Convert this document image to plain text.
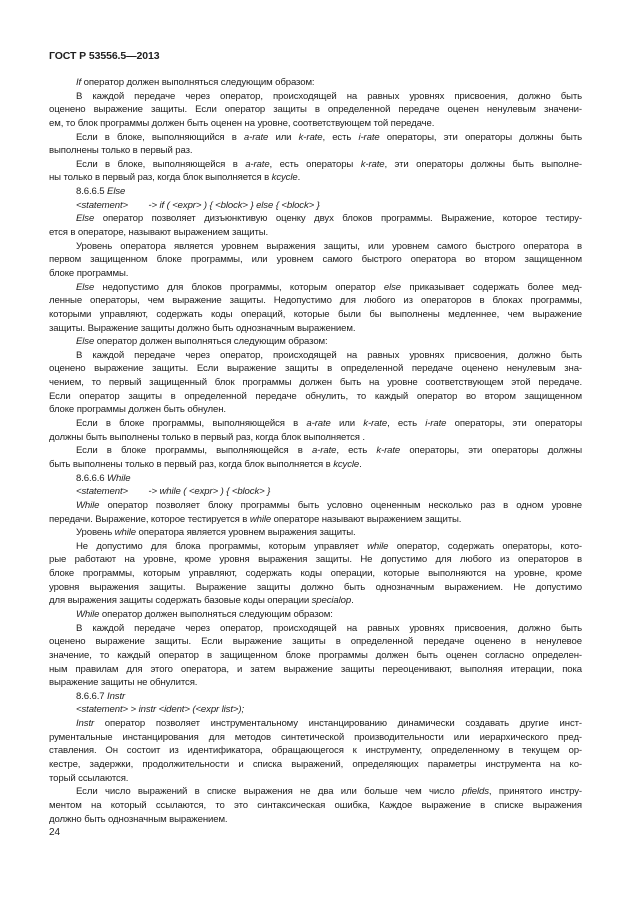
ГОСТ Р 53556.5—2013
If оператор должен выполняться следующим образом:
В каждой передаче через оператор, происходящей на равных уровнях присвоения, должно быть
оценено выражение защиты. Если оператор защиты в определенной передаче оценен ненулевым значени-
ем, то блок программы должен быть оценен на уровне, соответствующем той передаче.
Если в блоке, выполняющийся в a-rate или k-rate, есть i-rate операторы, эти операторы должны быть
выполнены только в первый раз.
Если в блоке, выполняющейся в a-rate, есть операторы k-rate, эти операторы должны быть выполне-
ны только в первый раз, когда блок выполняется в kcycle.
8.6.6.5 Else
<statement>        -> if ( <expr> ) { <block> } else { <block> }
Else оператор позволяет дизъюнктивую оценку двух блоков программы. Выражение, которое тестиру-
ется в операторе, называют выражением защиты.
Уровень оператора является уровнем выражения защиты, или уровнем самого быстрого оператора в
первом защищенном блоке программы, или уровнем самого быстрого оператора во втором защищенном
блоке программы.
Else недопустимо для блоков программы, которым оператор else приказывает содержать более мед-
ленные операторы, чем выражение защиты. Недопустимо для любого из операторов в блоках программы,
которыми управляют, содержать коды операций, которые были бы выполнены медленнее, чем выражение
защиты. Выражение защиты должно быть однозначным выражением.
Else оператор должен выполняться следующим образом:
В каждой передаче через оператор, происходящей на равных уровнях присвоения, должно быть
оценено выражение защиты. Если выражение защиты в определенной передаче оценено ненулевым зна-
чением, то первый защищенный блок программы должен быть на уровне соответствующем этой передаче.
Если оператор защиты в определенной передаче обнулить, то каждый оператор во втором защищенном
блоке программы должен быть обнулен.
Если в блоке программы, выполняющейся в a-rate или k-rate, есть i-rate операторы, эти операторы
должны быть выполнены только в первый раз, когда блок выполняется .
Если в блоке программы, выполняющейся в a-rate, есть k-rate операторы, эти операторы должны
быть выполнены только в первый раз, когда блок выполняется в kcycle.
8.6.6.6 While
<statement>        -> while ( <expr> ) { <block> }
While оператор позволяет блоку программы быть условно оцененным несколько раз в одном уровне
передачи. Выражение, которое тестируется в while операторе называют выражением защиты.
Уровень while оператора является уровнем выражения защиты.
Не допустимо для блока программы, которым управляет while оператор, содержать операторы, кото-
рые работают на уровне, кроме уровня выражения защиты. Не допустимо для любого из операторов в
блоке программы, которым управляют, содержать коды операции, которые выполняются на уровне, кроме
уровня выражения защиты. Выражение защиты должно быть однозначным выражением. Не допустимо
для выражения защиты содержать базовые коды операции specialop.
While оператор должен выполняться следующим образом:
В каждой передаче через оператор, происходящей на равных уровнях присвоения, должно быть
оценено выражение защиты. Если выражение защиты в определенной передаче оценено в ненулевое
значение, то каждый оператор в защищенном блоке программы должен быть оценен согласно определен-
ным правилам для этого оператора, и затем выражение защиты переоценивают, выполняя итерации, пока
выражение защиты не обнулится.
8.6.6.7 Instr
<statement> > instr <ident> (<expr list>);
Instr оператор позволяет инструментальному инстанцированию динамически создавать другие инст-
рументальные инстанцирования для методов синтетической производительности или иерархического пред-
ставления. Он состоит из идентификатора, обращающегося к инструменту, определенному в текущем ор-
кестре, задержки, продолжительности и списка выражений, определяющих параметры инструмента на ко-
торый ссылаются.
Если число выражений в списке выражения не два или больше чем число pfields, принятого инстру-
ментом на который ссылаются, то это синтаксическая ошибка, Каждое выражение в списке выражения
должно быть однозначным выражением.
24
